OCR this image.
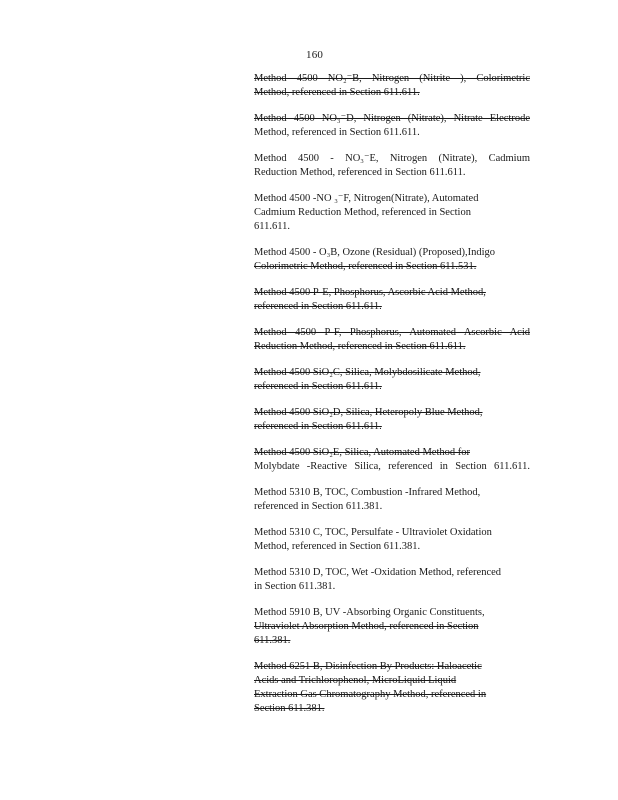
160
Method 4500 NO₂⁻B, Nitrogen (Nitrite ), Colorimetric
Method, referenced in Section 611.611.
Method 4500 NO₃⁻D, Nitrogen (Nitrate), Nitrate Electrode
Method, referenced in Section 611.611.
Method 4500 - NO₃⁻E, Nitrogen (Nitrate), Cadmium
Reduction Method, referenced in Section 611.611.
Method 4500 -NO ₃⁻F, Nitrogen(Nitrate), Automated
Cadmium Reduction Method, referenced in Section
611.611.
Method 4500 - O₃B, Ozone (Residual) (Proposed),Indigo
Colorimetric Method, referenced in Section 611.531.
Method 4500 P-E, Phosphorus, Ascorbic Acid Method,
referenced in Section 611.611.
Method 4500 P-F, Phosphorus, Automated Ascorbic Acid
Reduction Method, referenced in Section 611.611.
Method 4500 SiO₂C, Silica, Molybdosilicate Method,
referenced in Section 611.611.
Method 4500 SiO₂D, Silica, Heteropoly Blue Method,
referenced in Section 611.611.
Method 4500 SiO₂E, Silica, Automated Method for
Molybdate -Reactive Silica, referenced in Section 611.611.
Method 5310 B, TOC, Combustion -Infrared Method,
referenced in Section 611.381.
Method 5310 C, TOC, Persulfate - Ultraviolet Oxidation
Method, referenced in Section 611.381.
Method 5310 D, TOC, Wet -Oxidation Method, referenced
in Section 611.381.
Method 5910 B, UV -Absorbing Organic Constituents,
Ultraviolet Absorption Method, referenced in Section
611.381.
Method 6251 B, Disinfection By Products: Haloacetic
Acids and Trichlorophenol, MicroLiquid Liquid
Extraction Gas Chromatography Method, referenced in
Section 611.381.
